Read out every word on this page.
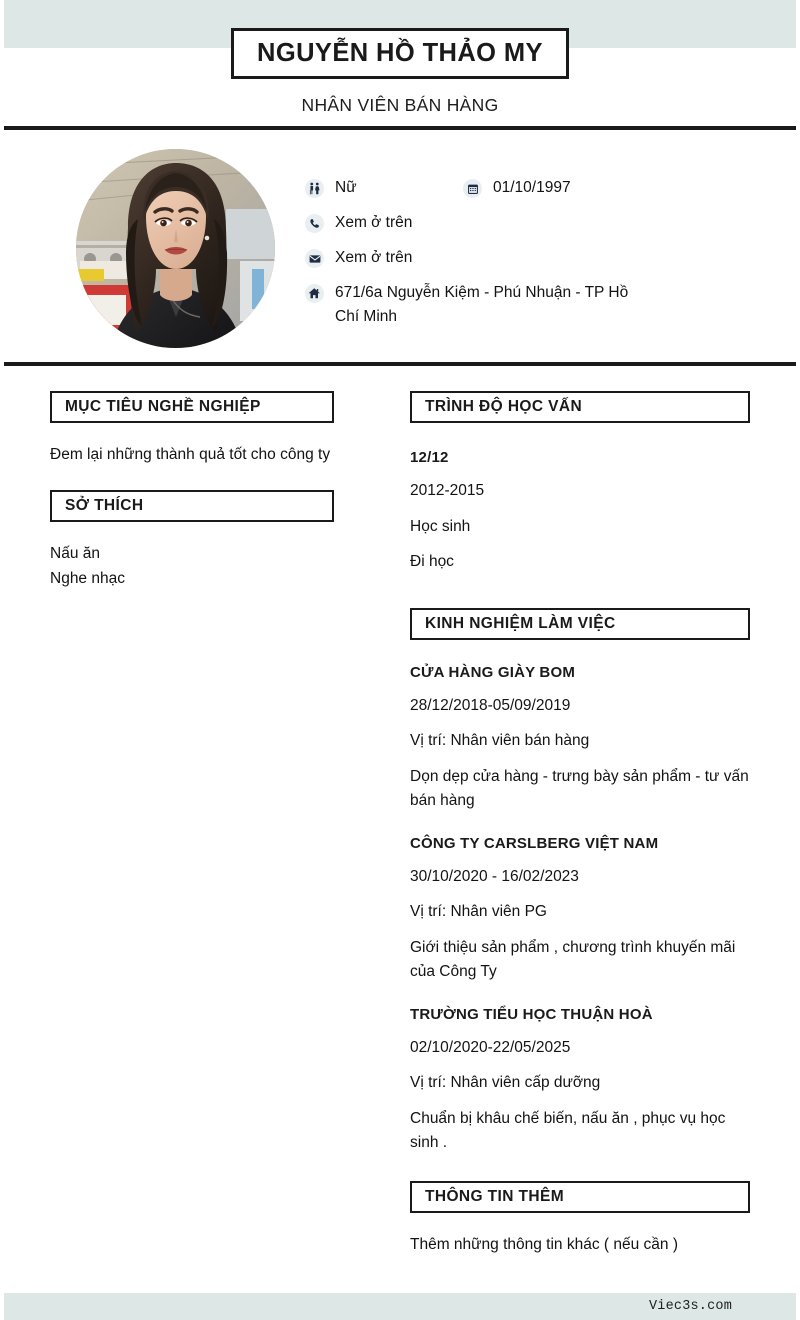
NGUYỄN HỒ THẢO MY
NHÂN VIÊN BÁN HÀNG
Nữ	01/10/1997
Xem ở trên
Xem ở trên
671/6a Nguyễn Kiệm - Phú Nhuận - TP Hồ Chí Minh
MỤC TIÊU NGHỀ NGHIỆP
Đem lại những thành quả tốt cho công ty
SỞ THÍCH
Nấu ăn
Nghe nhạc
TRÌNH ĐỘ HỌC VẤN
12/12
2012-2015
Học sinh
Đi học
KINH NGHIỆM LÀM VIỆC
CỬA HÀNG GIÀY BOM
28/12/2018-05/09/2019
Vị trí: Nhân viên bán hàng
Dọn dẹp cửa hàng - trưng bày sản phẩm - tư vấn bán hàng
CÔNG TY CARSLBERG VIỆT NAM
30/10/2020 - 16/02/2023
Vị trí: Nhân viên PG
Giới thiệu sản phẩm , chương trình khuyến mãi của Công Ty
TRƯỜNG TIỂU HỌC THUẬN HOÀ
02/10/2020-22/05/2025
Vị trí: Nhân viên cấp dưỡng
Chuẩn bị khâu chế biến, nấu ăn , phục vụ học sinh .
THÔNG TIN THÊM
Thêm những thông tin khác ( nếu cần )
Viec3s.com
